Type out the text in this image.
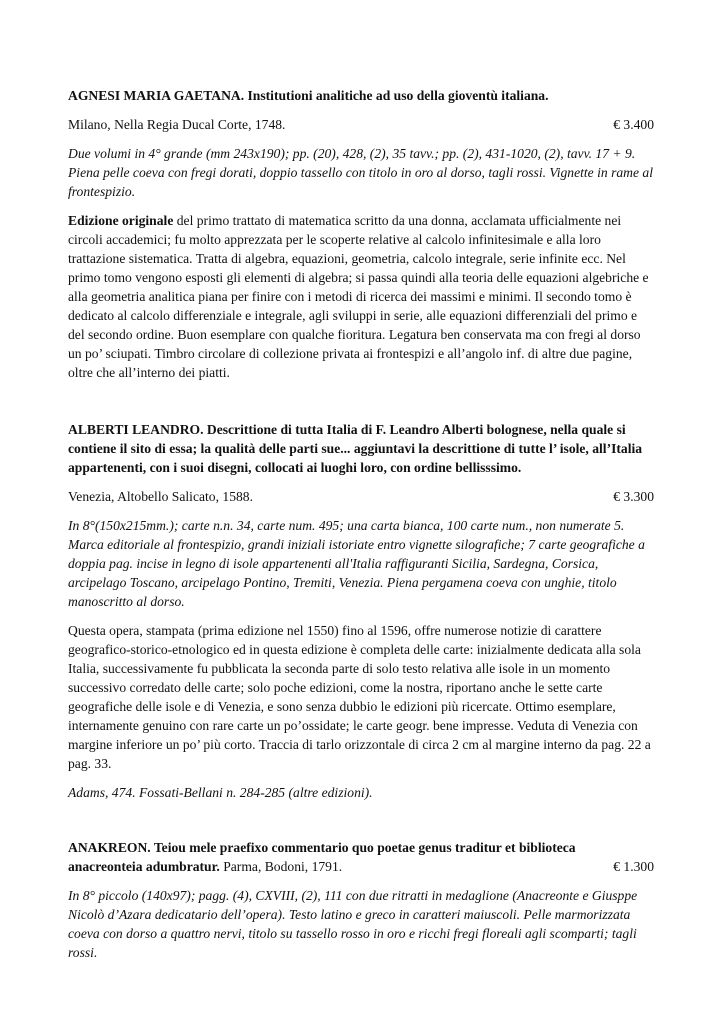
AGNESI MARIA GAETANA. Institutioni analitiche ad uso della gioventù italiana.

Milano, Nella Regia Ducal Corte, 1748.	€ 3.400

Due volumi in 4° grande (mm 243x190); pp. (20), 428, (2), 35 tavv.; pp. (2), 431-1020, (2), tavv. 17 + 9. Piena pelle coeva con fregi dorati, doppio tassello con titolo in oro al dorso, tagli rossi. Vignette in rame al frontespizio.

Edizione originale del primo trattato di matematica scritto da una donna, acclamata ufficialmente nei circoli accademici; fu molto apprezzata per le scoperte relative al calcolo infinitesimale e alla loro trattazione sistematica. Tratta di algebra, equazioni, geometria, calcolo integrale, serie infinite ecc. Nel primo tomo vengono esposti gli elementi di algebra; si passa quindi alla teoria delle equazioni algebriche e alla geometria analitica piana per finire con i metodi di ricerca dei massimi e minimi. Il secondo tomo è dedicato al calcolo differenziale e integrale, agli sviluppi in serie, alle equazioni differenziali del primo e del secondo ordine. Buon esemplare con qualche fioritura. Legatura ben conservata ma con fregi al dorso un po’ sciupati. Timbro circolare di collezione privata ai frontespizi e all’angolo inf. di altre due pagine, oltre che all’interno dei piatti.

ALBERTI LEANDRO. Descrittione di tutta Italia di F. Leandro Alberti bolognese, nella quale si contiene il sito di essa; la qualità delle parti sue... aggiuntavi la descrittione di tutte l’ isole, all’Italia appartenenti, con i suoi disegni, collocati ai luoghi loro, con ordine bellisssimo.

Venezia, Altobello Salicato, 1588.	€ 3.300

In 8°(150x215mm.); carte n.n. 34, carte num. 495; una carta bianca, 100 carte num., non numerate 5. Marca editoriale al frontespizio, grandi iniziali istoriate entro vignette silografiche; 7 carte geografiche a doppia pag. incise in legno di isole appartenenti all'Italia raffiguranti Sicilia, Sardegna, Corsica, arcipelago Toscano, arcipelago Pontino, Tremiti, Venezia. Piena pergamena coeva con unghie, titolo manoscritto al dorso.

Questa opera, stampata (prima edizione nel 1550) fino al 1596, offre numerose notizie di carattere geografico-storico-etnologico ed in questa edizione è completa delle carte: inizialmente dedicata alla sola Italia, successivamente fu pubblicata la seconda parte di solo testo relativa alle isole in un momento successivo corredato delle carte; solo poche edizioni, come la nostra, riportano anche le sette carte geografiche delle isole e di Venezia, e sono senza dubbio le edizioni più ricercate. Ottimo esemplare, internamente genuino con rare carte un po’ossidate; le carte geogr. bene impresse. Veduta di Venezia con margine inferiore un po’ più corto. Traccia di tarlo orizzontale di circa 2 cm al margine interno da pag. 22 a pag. 33.

Adams, 474. Fossati-Bellani n. 284-285 (altre edizioni).

ANAKREON. Teiou mele praefixo commentario quo poetae genus traditur et biblioteca anacreonteia adumbratur. Parma, Bodoni, 1791.	€ 1.300

In 8° piccolo (140x97); pagg. (4), CXVIII, (2), 111 con due ritratti in medaglione (Anacreonte e Giusppe Nicolò d’Azara dedicatario dell’opera). Testo latino e greco in caratteri maiuscoli. Pelle marmorizzata coeva con dorso a quattro nervi, titolo su tassello rosso in oro e ricchi fregi floreali agli scomparti; tagli rossi.
